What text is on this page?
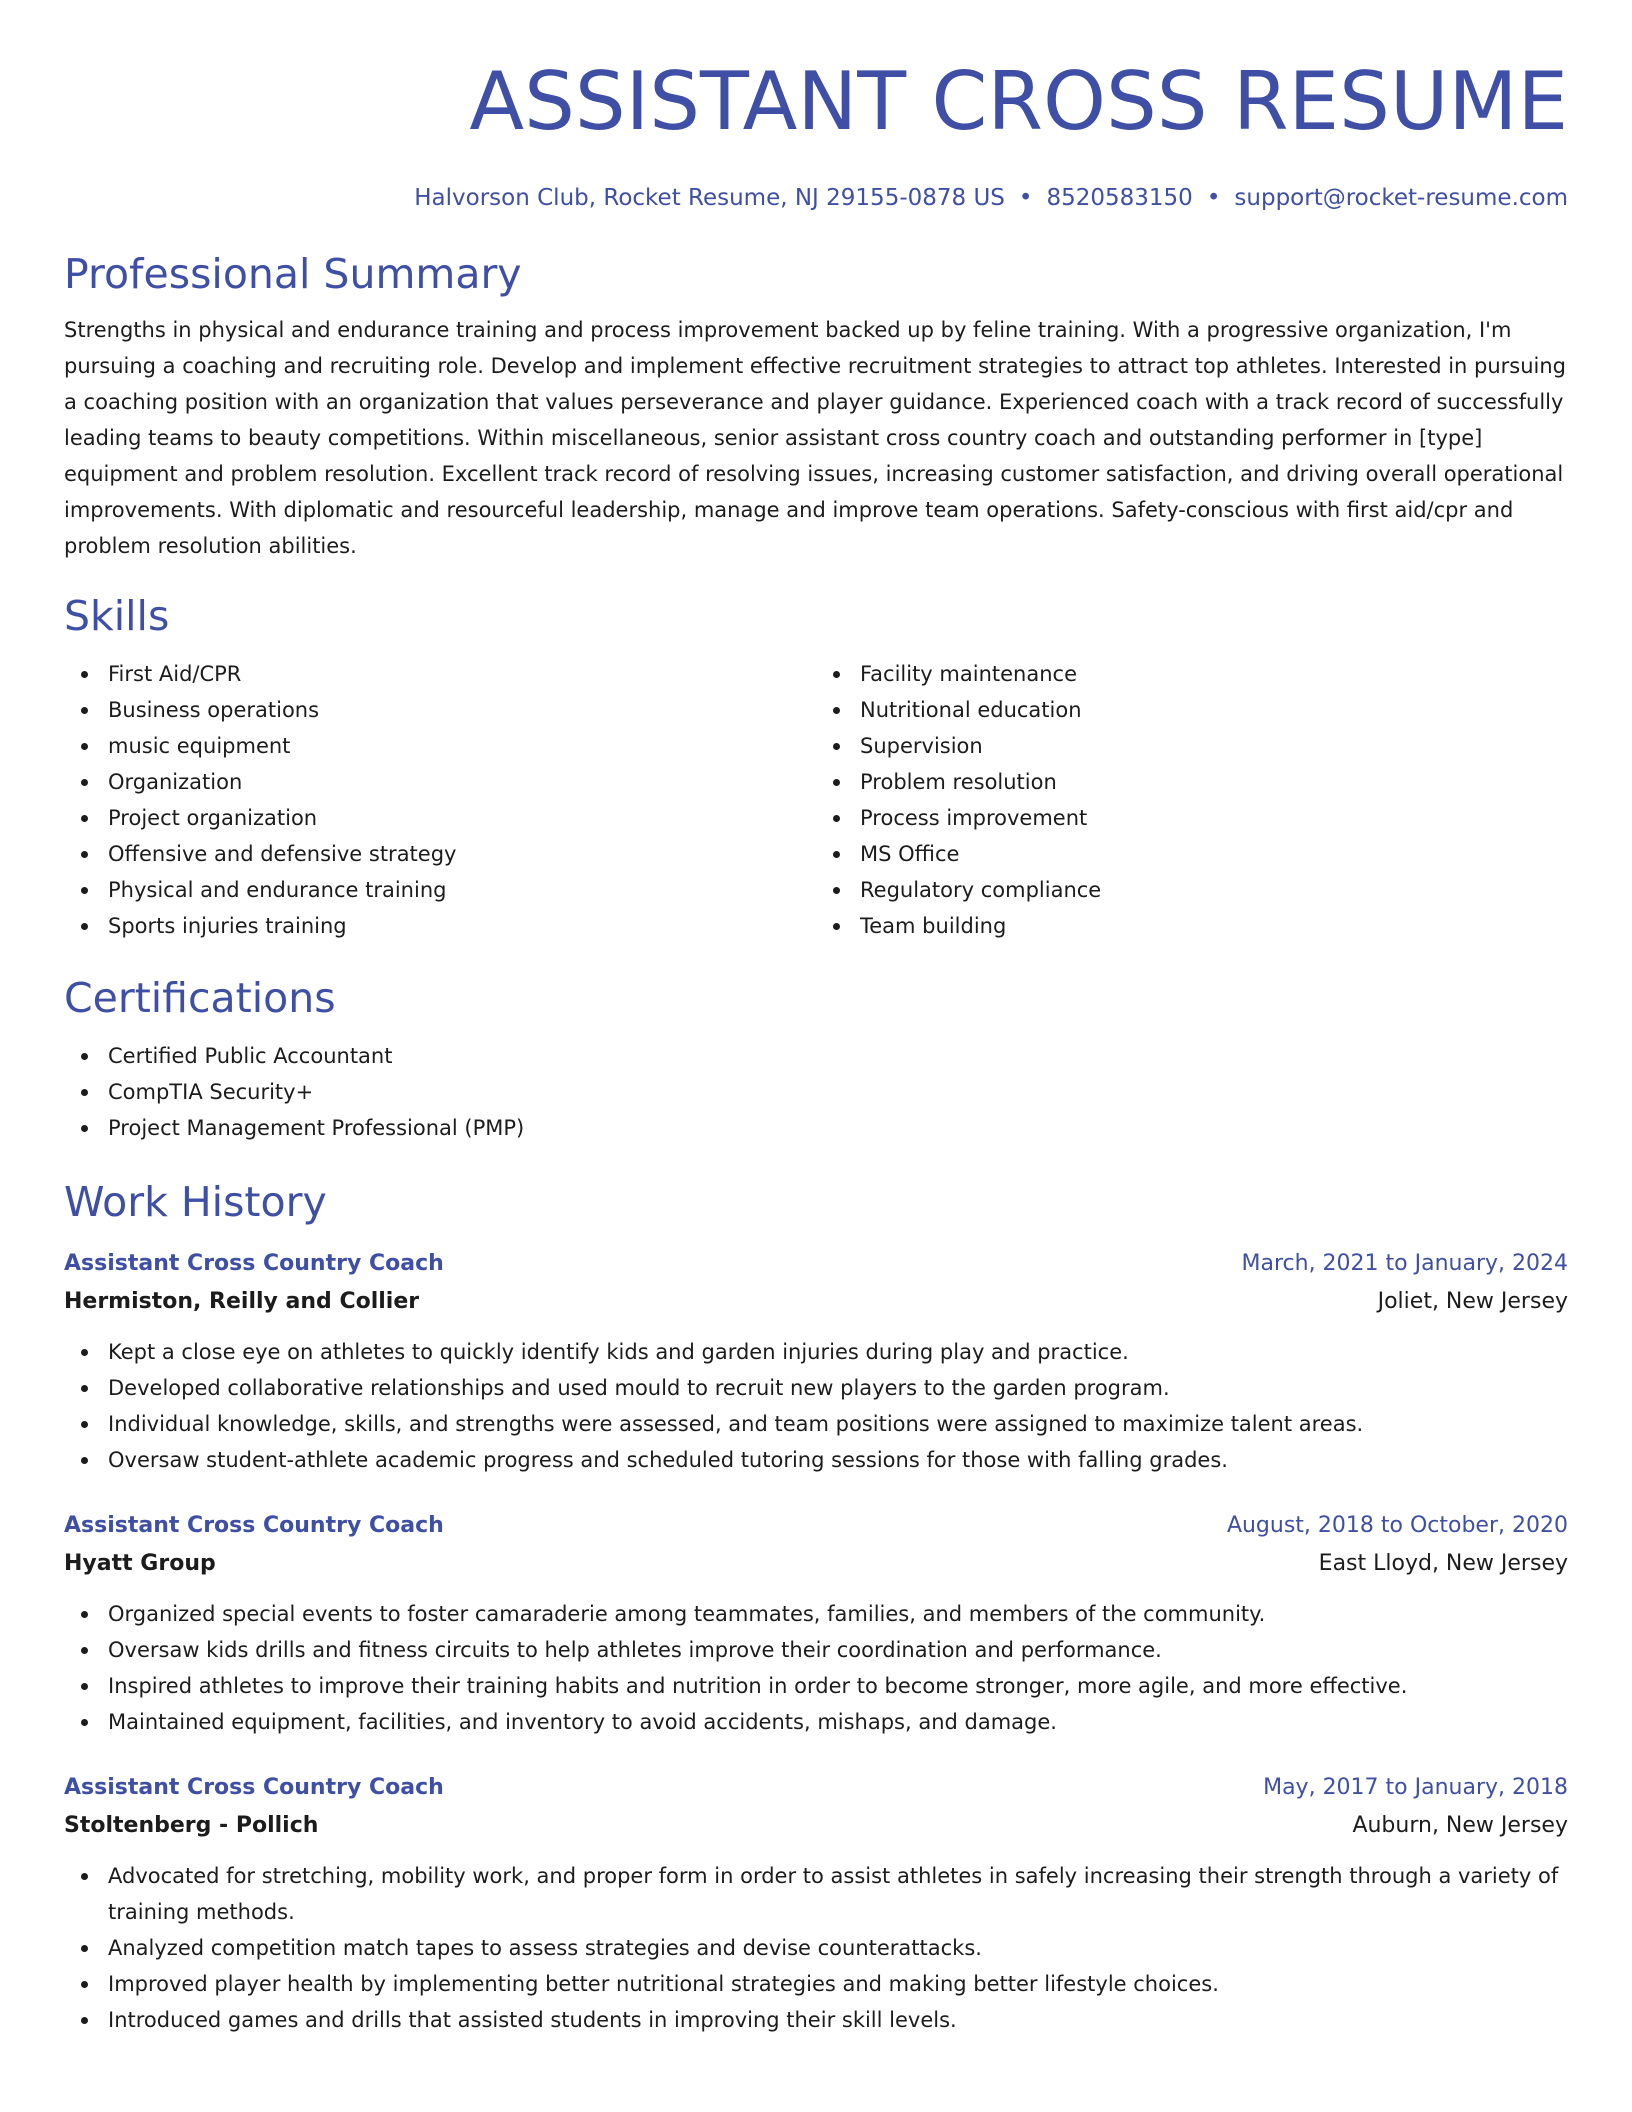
ASSISTANT CROSS RESUME
Halvorson Club, Rocket Resume, NJ 29155-0878 US • 8520583150 • support@rocket-resume.com
Professional Summary

Strengths in physical and endurance training and process improvement backed up by feline training. With a progressive organization, I'm pursuing a coaching and recruiting role. Develop and implement effective recruitment strategies to attract top athletes. Interested in pursuing a coaching position with an organization that values perseverance and player guidance. Experienced coach with a track record of successfully leading teams to beauty competitions. Within miscellaneous, senior assistant cross country coach and outstanding performer in [type] equipment and problem resolution. Excellent track record of resolving issues, increasing customer satisfaction, and driving overall operational improvements. With diplomatic and resourceful leadership, manage and improve team operations. Safety-conscious with first aid/cpr and problem resolution abilities.

Skills
First Aid/CPR
Business operations
music equipment
Organization
Project organization
Offensive and defensive strategy
Physical and endurance training
Sports injuries training
Facility maintenance
Nutritional education
Supervision
Problem resolution
Process improvement
MS Office
Regulatory compliance
Team building
Certifications
Certified Public Accountant
CompTIA Security+
Project Management Professional (PMP)
Work History
Assistant Cross Country Coach	March, 2021 to January, 2024
Hermiston, Reilly and Collier	Joliet, New Jersey
Kept a close eye on athletes to quickly identify kids and garden injuries during play and practice.
Developed collaborative relationships and used mould to recruit new players to the garden program.
Individual knowledge, skills, and strengths were assessed, and team positions were assigned to maximize talent areas.
Oversaw student-athlete academic progress and scheduled tutoring sessions for those with falling grades.
Assistant Cross Country Coach	August, 2018 to October, 2020
Hyatt Group	East Lloyd, New Jersey
Organized special events to foster camaraderie among teammates, families, and members of the community.
Oversaw kids drills and fitness circuits to help athletes improve their coordination and performance.
Inspired athletes to improve their training habits and nutrition in order to become stronger, more agile, and more effective.
Maintained equipment, facilities, and inventory to avoid accidents, mishaps, and damage.
Assistant Cross Country Coach	May, 2017 to January, 2018
Stoltenberg - Pollich	Auburn, New Jersey
Advocated for stretching, mobility work, and proper form in order to assist athletes in safely increasing their strength through a variety of training methods.
Analyzed competition match tapes to assess strategies and devise counterattacks.
Improved player health by implementing better nutritional strategies and making better lifestyle choices.
Introduced games and drills that assisted students in improving their skill levels.
